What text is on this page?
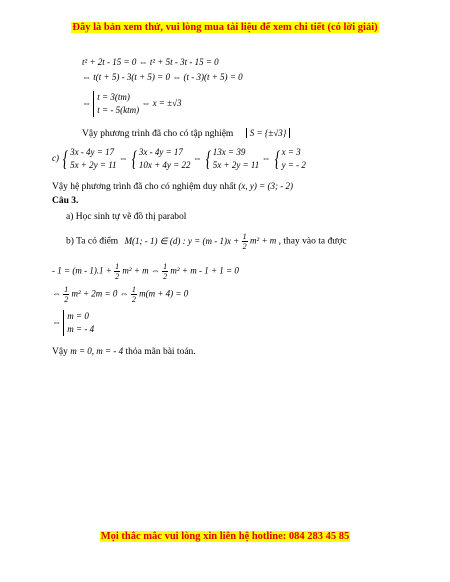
Đây là bản xem thử, vui lòng mua tài liệu để xem chi tiết (có lời giải)
t² + 2t - 15 = 0 ⇔ t² + 5t - 3t - 15 = 0
⇔ t(t + 5) - 3(t + 5) = 0 ⇔ (t - 3)(t + 5) = 0
⇔
t = 3(tm)
t = - 5(ktm)
⇔ x = ±√3
Vậy phương trình đã cho có tập nghiệm S = {±√3}
c) { 3x - 4y = 17
5x + 2y = 11
⇔ { 3x - 4y = 17
10x + 4y = 22
⇔ { 13x = 39
5x + 2y = 11
⇔ { x = 3
y = - 2
Vậy hệ phương trình đã cho có nghiệm duy nhất (x, y) = (3; - 2)
Câu 3.
a) Học sinh tự vẽ đồ thị parabol
b) Ta có điểm M(1; - 1) ∈ (d) : $y = (m - 1)x + \frac{1}{2} m^2 + m$ , thay vào ta được
- $1 = (m - 1).1 + \frac{1}{2} m^2 + m$ ⇔ $\frac{1}{2} m^2 + m - 1 + 1 = 0$
⇔ $\frac{1}{2} m^2 + 2m = 0$ ⇔ $\frac{1}{2} m(m + 4) = 0$
⇔
m = 0
m = - 4
Vậy m = 0, m = - 4 thỏa mãn bài toán.
Mọi thắc mắc vui lòng xin liên hệ hotline: 084 283 45 85
